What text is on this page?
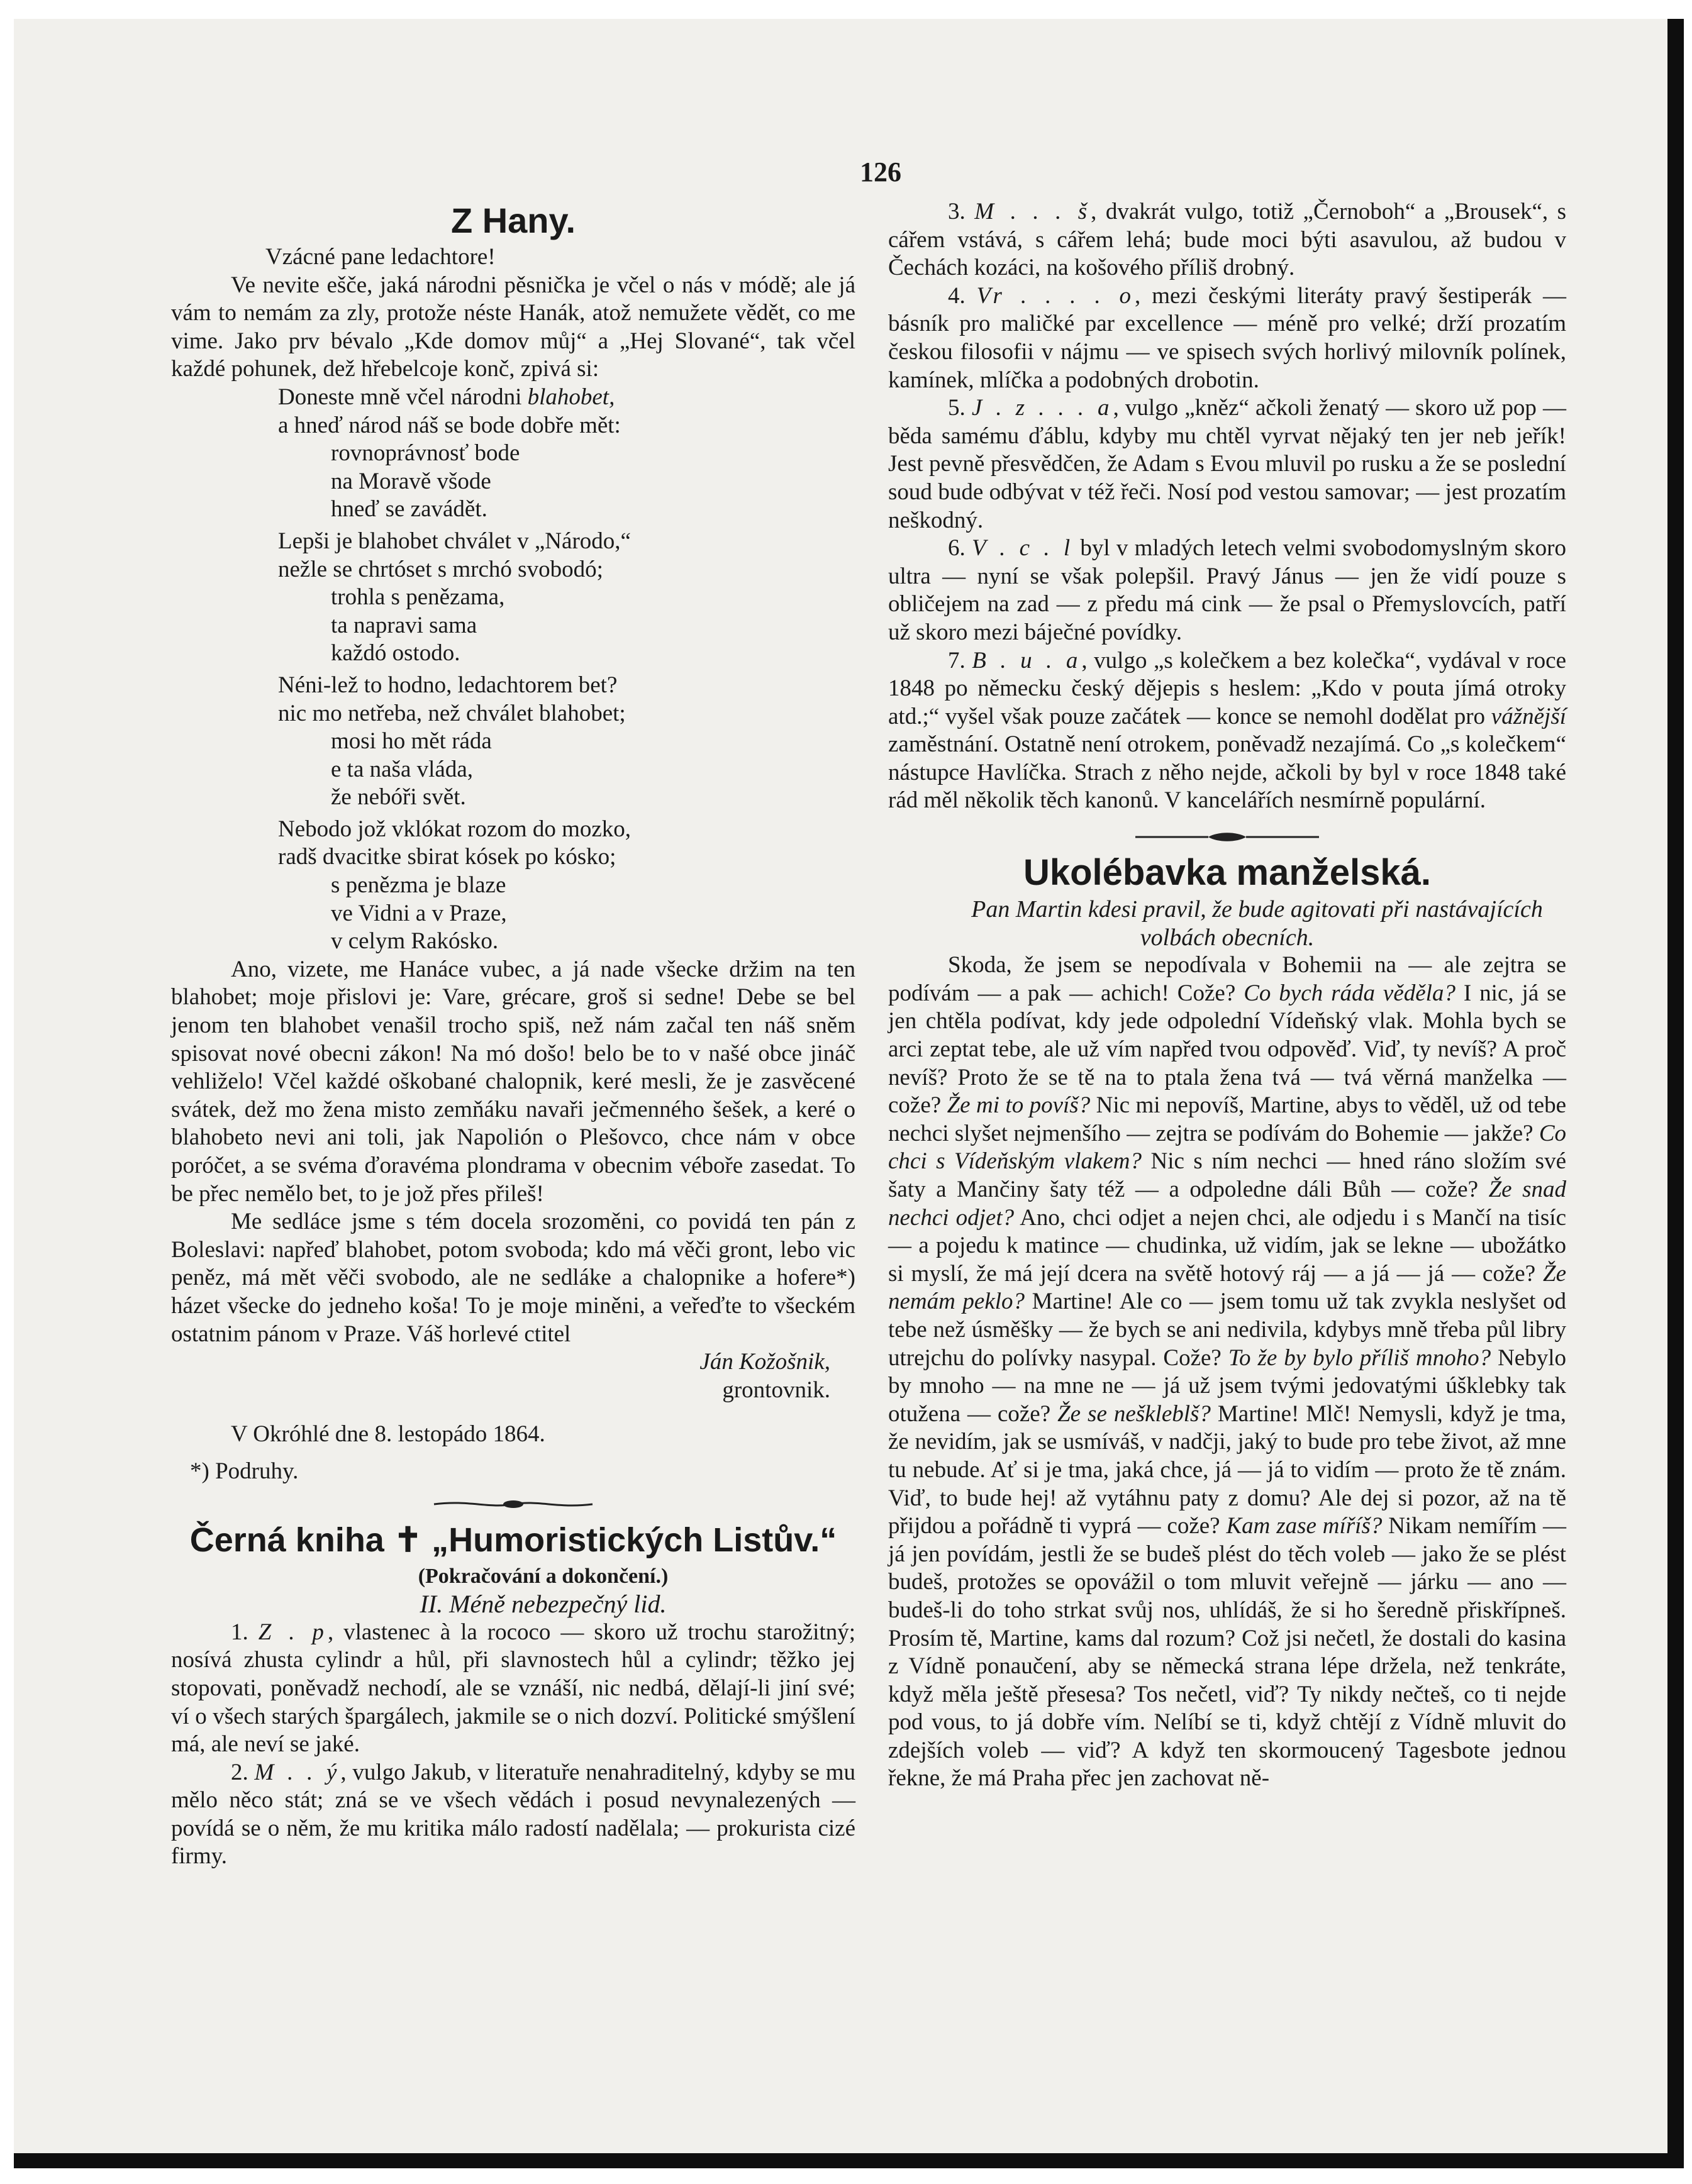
126
Z Hany.

Vzácné pane ledachtore!

Ve nevite ešče, jaká národni pěsnička je včel o nás v módě; ale já vám to nemám za zly, protože néste Hanák, atož nemužete vědět, co me vime. Jako prv bévalo „Kde domov můj“ a „Hej Slované“, tak včel každé pohunek, dež hřebelcoje konč, zpivá si:

Doneste mně včel národni blahobet,
a hneď národ náš se bode dobře mět:
rovnoprávnosť bode
na Moravě všode
hneď se zavádět.
Lepši je blahobet chválet v „Národo,“
nežle se chrtóset s mrchó svobodó;
trohla s penězama,
ta napravi sama
každó ostodo.
Néni-lež to hodno, ledachtorem bet?
nic mo netřeba, než chválet blahobet;
mosi ho mět ráda
e ta naša vláda,
že nebóři svět.
Nebodo jož vklókat rozom do mozko,
radš dvacitke sbirat kósek po kósko;
s penězma je blaze
ve Vidni a v Praze,
v celym Rakósko.

Ano, vizete, me Hanáce vubec, a já nade všecke držim na ten blahobet; moje přislovi je: Vare, grécare, groš si sedne! Debe se bel jenom ten blahobet venašil trocho spiš, než nám začal ten náš sněm spisovat nové obecni zákon! Na mó došo! belo be to v našé obce jináč vehliželo! Včel každé oškobané chalopnik, keré mesli, že je zasvěcené svátek, dež mo žena misto zemňáku navaři ječmenného šešek, a keré o blahobeto nevi ani toli, jak Napolión o Plešovco, chce nám v obce poróčet, a se svéma ďoravéma plondrama v obecnim véboře zasedat. To be přec nemělo bet, to je jož přes přileš!

Me sedláce jsme s tém docela srozoměni, co povidá ten pán z Boleslavi: napřeď blahobet, potom svoboda; kdo má věči gront, lebo vic peněz, má mět věči svobodo, ale ne sedláke a chalopnike a hofere*) házet všecke do jedneho koša! To je moje miněni, a veřeďte to všeckém ostatnim pánom v Praze. Váš horlevé ctitel

Ján Kožošnik,
grontovnik.
V Okróhlé dne 8. lestopádo 1864.
*) Podruhy.
Černá kniha ✝ „Humoristických Listův.“

(Pokračování a dokončení.)

II. Méně nebezpečný lid.

1. Z . p, vlastenec à la rococo — skoro už trochu starožitný; nosívá zhusta cylindr a hůl, při slavnostech hůl a cylindr; těžko jej stopovati, poněvadž nechodí, ale se vznáší, nic nedbá, dělají-li jiní své; ví o všech starých špargálech, jakmile se o nich dozví. Politické smýšlení má, ale neví se jaké.

2. M . . ý, vulgo Jakub, v literatuře nenahraditelný, kdyby se mu mělo něco stát; zná se ve všech vědách i posud nevynalezených — povídá se o něm, že mu kritika málo radostí nadělala; — prokurista cizé firmy.

3. M . . . š, dvakrát vulgo, totiž „Černoboh“ a „Brousek“, s cářem vstává, s cářem lehá; bude moci býti asavulou, až budou v Čechách kozáci, na košového příliš drobný.

4. Vr . . . . o, mezi českými literáty pravý šestiperák — básník pro maličké par excellence — méně pro velké; drží prozatím českou filosofii v nájmu — ve spisech svých horlivý milovník polínek, kamínek, mlíčka a podobných drobotin.

5. J . z . . . a, vulgo „kněz“ ačkoli ženatý — skoro už pop — běda samému ďáblu, kdyby mu chtěl vyrvat nějaký ten jer neb jeřík! Jest pevně přesvědčen, že Adam s Evou mluvil po rusku a že se poslední soud bude odbývat v též řeči. Nosí pod vestou samovar; — jest prozatím neškodný.

6. V . c . l byl v mladých letech velmi svobodomyslným skoro ultra — nyní se však polepšil. Pravý Jánus — jen že vidí pouze s obličejem na zad — z předu má cink — že psal o Přemyslovcích, patří už skoro mezi báječné povídky.

7. B . u . a, vulgo „s kolečkem a bez kolečka“, vydával v roce 1848 po německu český dějepis s heslem: „Kdo v pouta jímá otroky atd.;“ vyšel však pouze začátek — konce se nemohl dodělat pro vážnější zaměstnání. Ostatně není otrokem, poněvadž nezajímá. Co „s kolečkem“ nástupce Havlíčka. Strach z něho nejde, ačkoli by byl v roce 1848 také rád měl několik těch kanonů. V kancelářích nesmírně populární.

Ukolébavka manželská.

Pan Martin kdesi pravil, že bude agitovati při nastávajících volbách obecních.

Skoda, že jsem se nepodívala v Bohemii na — ale zejtra se podívám — a pak — achich! Cože? Co bych ráda věděla? I nic, já se jen chtěla podívat, kdy jede odpolední Vídeňský vlak. Mohla bych se arci zeptat tebe, ale už vím napřed tvou odpověď. Viď, ty nevíš? A proč nevíš? Proto že se tě na to ptala žena tvá — tvá věrná manželka — cože? Že mi to povíš? Nic mi nepovíš, Martine, abys to věděl, už od tebe nechci slyšet nejmenšího — zejtra se podívám do Bohemie — jakže? Co chci s Vídeňským vlakem? Nic s ním nechci — hned ráno složím své šaty a Mančiny šaty též — a odpoledne dáli Bůh — cože? Že snad nechci odjet? Ano, chci odjet a nejen chci, ale odjedu i s Mančí na tisíc — a pojedu k matince — chudinka, už vidím, jak se lekne — ubožátko si myslí, že má její dcera na světě hotový ráj — a já — já — cože? Že nemám peklo? Martine! Ale co — jsem tomu už tak zvykla neslyšet od tebe než úsměšky — že bych se ani nedivila, kdybys mně třeba půl libry utrejchu do polívky nasypal. Cože? To že by bylo příliš mnoho? Nebylo by mnoho — na mne ne — já už jsem tvými jedovatými úšklebky tak otužena — cože? Že se neškleblš? Martine! Mlč! Nemysli, když je tma, že nevidím, jak se usmíváš, v nadčji, jaký to bude pro tebe život, až mne tu nebude. Ať si je tma, jaká chce, já — já to vidím — proto že tě znám. Viď, to bude hej! až vytáhnu paty z domu? Ale dej si pozor, až na tě přijdou a pořádně ti vyprá — cože? Kam zase míříš? Nikam nemířím — já jen povídám, jestli že se budeš plést do těch voleb — jako že se plést budeš, protožes se opovážil o tom mluvit veřejně — járku — ano — budeš-li do toho strkat svůj nos, uhlídáš, že si ho šeredně přiskřípneš. Prosím tě, Martine, kams dal rozum? Což jsi nečetl, že dostali do kasina z Vídně ponaučení, aby se německá strana lépe držela, než tenkráte, když měla ještě přesesa? Tos nečetl, viď? Ty nikdy nečteš, co ti nejde pod vous, to já dobře vím. Nelíbí se ti, když chtějí z Vídně mluvit do zdejších voleb — viď? A když ten skormoucený Tagesbote jednou řekne, že má Praha přec jen zachovat ně-
